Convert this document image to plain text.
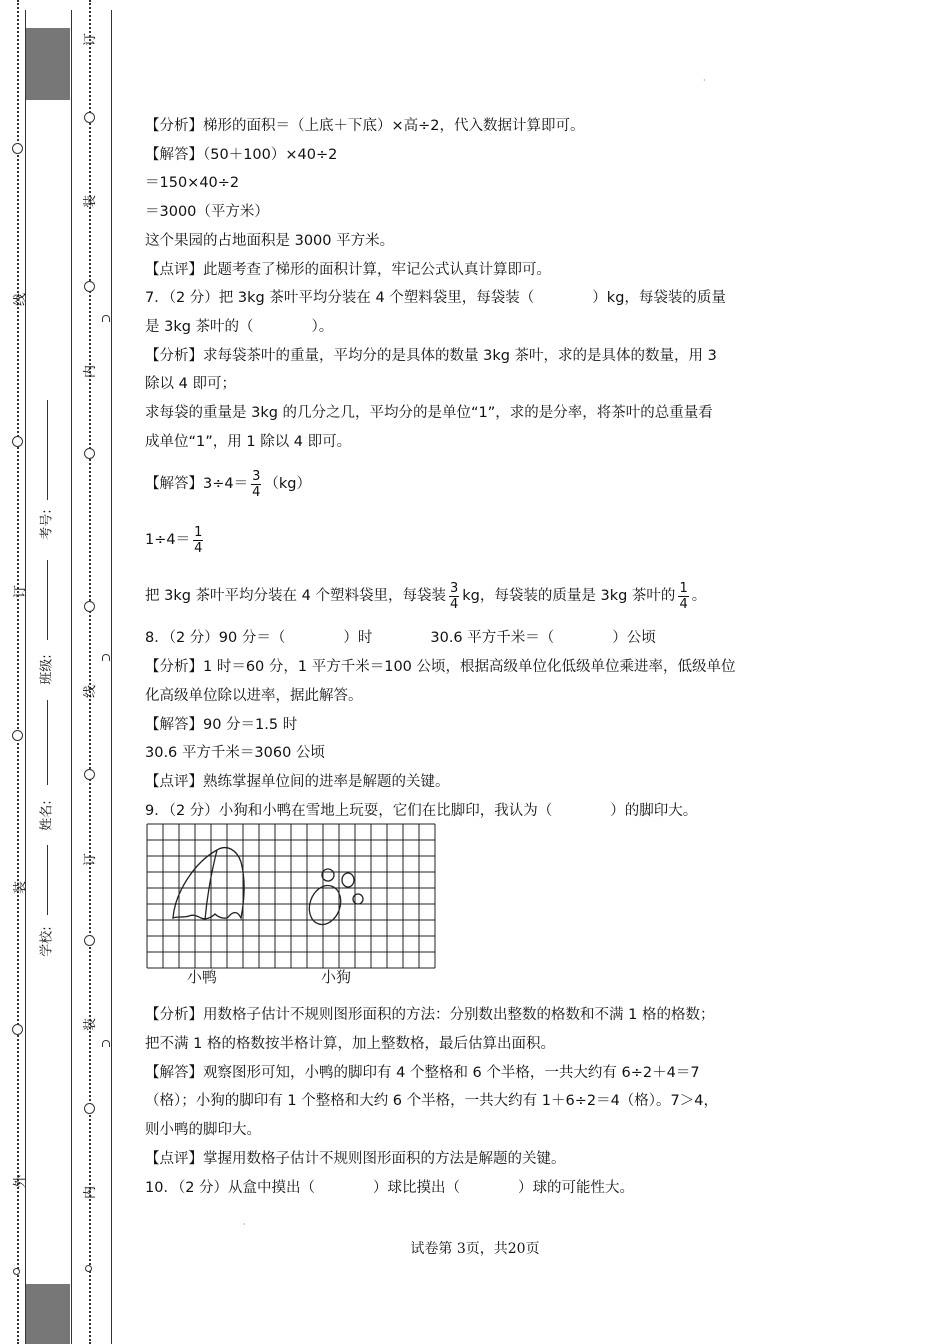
线
订
装
外
考号:
班级:
姓名:
学校:
订
装
内
线
订
装
内
·

【分析】梯形的面积＝（上底＋下底）×高÷2，代入数据计算即可。

【解答】（50＋100）×40÷2

＝150×40÷2

＝3000（平方米）

这个果园的占地面积是 3000 平方米。

【点评】此题考查了梯形的面积计算，牢记公式认真计算即可。

7．（2 分）把 3kg 茶叶平均分装在 4 个塑料袋里，每袋装（　　　　）kg，每袋装的质量

是 3kg 茶叶的（　　　　）。

【分析】求每袋茶叶的重量，平均分的是具体的数量 3kg 茶叶，求的是具体的数量，用 3

除以 4 即可；

求每袋的重量是 3kg 的几分之几，平均分的是单位“1”，求的是分率，将茶叶的总重量看

成单位“1”，用 1 除以 4 即可。

【解答】$3\div 4= \frac{3}{4} (kg)$

$1\div 4= \frac{1}{4}$

把 3kg 茶叶平均分装在 4 个塑料袋里，每袋装 $\frac{3}{4}$ kg，每袋装的质量是 3kg 茶叶的 $\frac{1}{4}$ 。

8．（2 分）90 分＝（　　　　）时　　　　30.6 平方千米＝（　　　　）公顷

【分析】1 时＝60 分，1 平方千米＝100 公顷，根据高级单位化低级单位乘进率，低级单位

化高级单位除以进率，据此解答。

【解答】90 分＝1.5 时

30.6 平方千米＝3060 公顷

【点评】熟练掌握单位间的进率是解题的关键。

9．（2 分）小狗和小鸭在雪地上玩耍，它们在比脚印，我认为（　　　　）的脚印大。

【分析】用数格子估计不规则图形面积的方法：分别数出整数的格数和不满 1 格的格数；

把不满 1 格的格数按半格计算，加上整数格，最后估算出面积。

【解答】观察图形可知，小鸭的脚印有 4 个整格和 6 个半格，一共大约有 6÷2＋4＝7

（格）；小狗的脚印有 1 个整格和大约 6 个半格，一共大约有 1＋6÷2＝4（格）。7＞4，

则小鸭的脚印大。

【点评】掌握用数格子估计不规则图形面积的方法是解题的关键。

10．（2 分）从盒中摸出（　　　　）球比摸出（　　　　）球的可能性大。

小鸭	小狗
·
试卷第 3页，共20页
